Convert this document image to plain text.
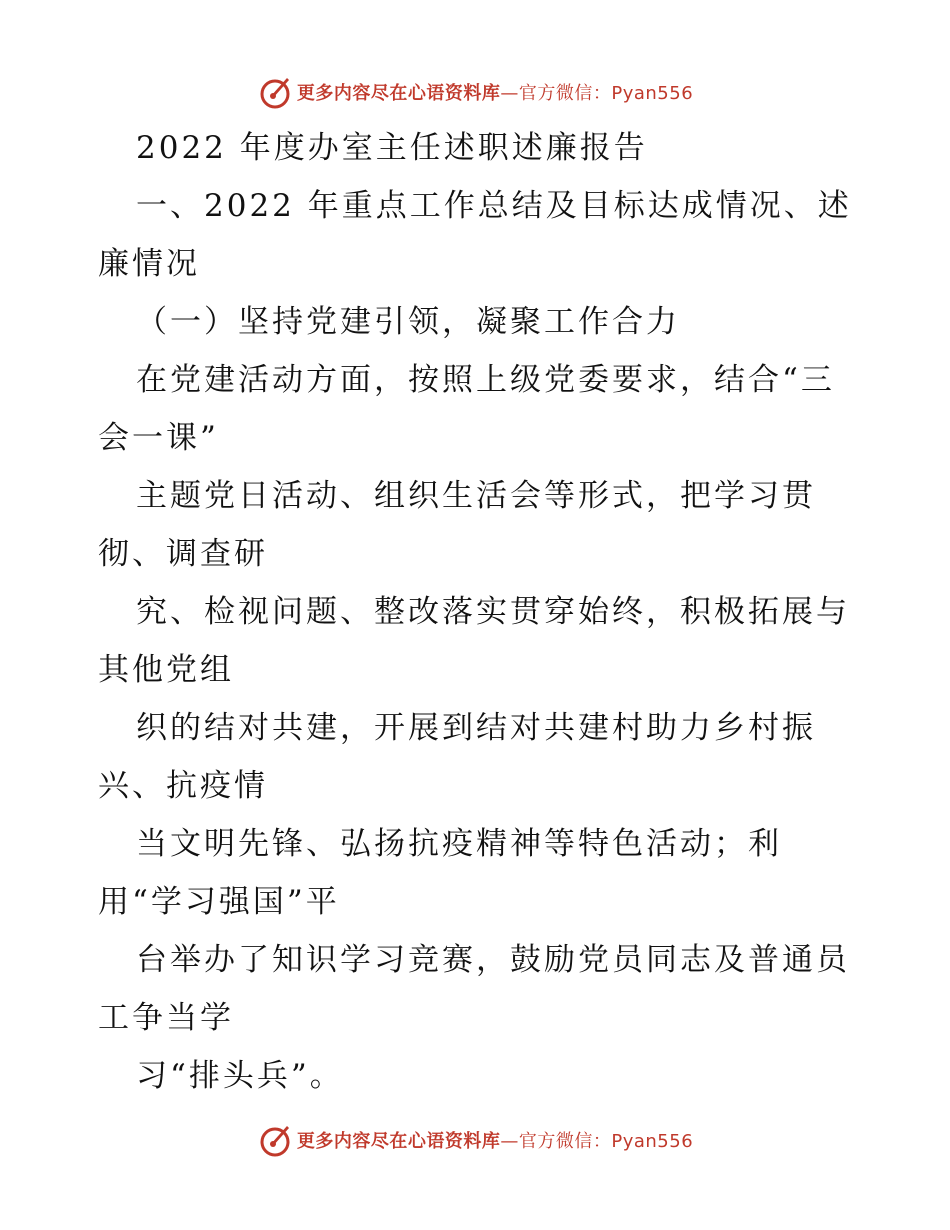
更多内容尽在心语资料库—官方微信：Pyan556
2022 年度办室主任述职述廉报告
一、2022 年重点工作总结及目标达成情况、述
廉情况
（一）坚持党建引领，凝聚工作合力
在党建活动方面，按照上级党委要求，结合“三
会一课”
主题党日活动、组织生活会等形式，把学习贯
彻、调查研
究、检视问题、整改落实贯穿始终，积极拓展与
其他党组
织的结对共建，开展到结对共建村助力乡村振
兴、抗疫情
当文明先锋、弘扬抗疫精神等特色活动；利
用“学习强国”平
台举办了知识学习竞赛，鼓励党员同志及普通员
工争当学
习“排头兵”。
更多内容尽在心语资料库—官方微信：Pyan556
